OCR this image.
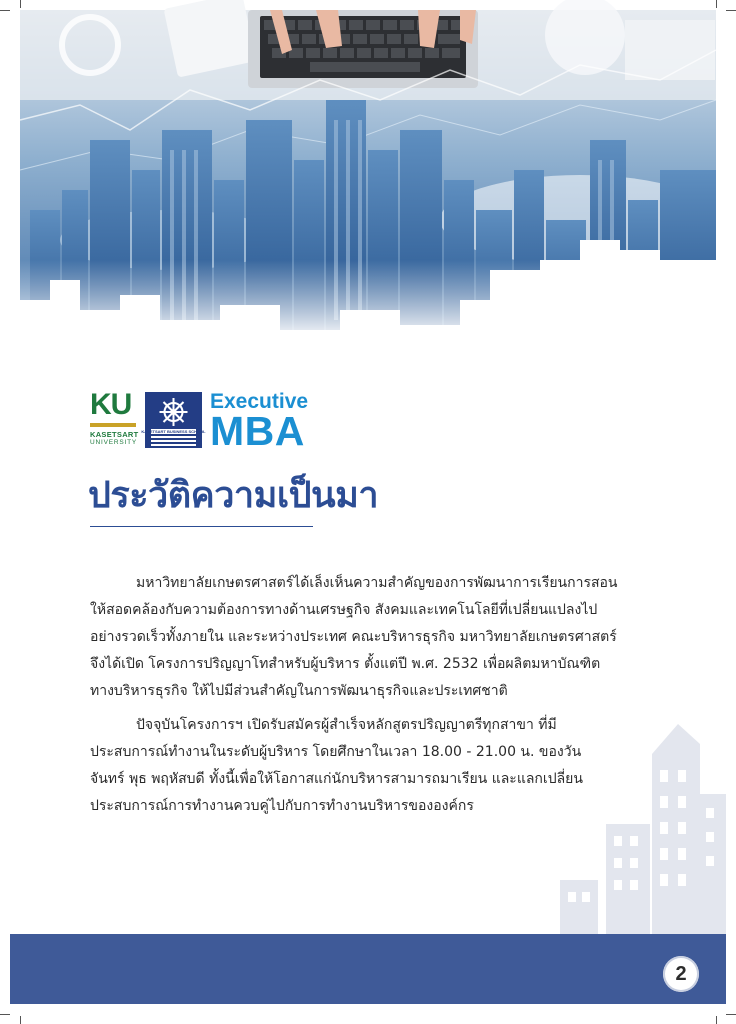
KU
KASETSART
UNIVERSITY
KASETSART BUSINESS SCHOOL
Executive
MBA
ประวัติความเป็นมา
มหาวิทยาลัยเกษตรศาสตร์ได้เล็งเห็นความสำคัญของการพัฒนาการเรียนการสอน
ให้สอดคล้องกับความต้องการทางด้านเศรษฐกิจ สังคมและเทคโนโลยีที่เปลี่ยนแปลงไป
อย่างรวดเร็วทั้งภายใน และระหว่างประเทศ คณะบริหารธุรกิจ มหาวิทยาลัยเกษตรศาสตร์
จึงได้เปิด โครงการปริญญาโทสำหรับผู้บริหาร ตั้งแต่ปี พ.ศ. 2532 เพื่อผลิตมหาบัณฑิต
ทางบริหารธุรกิจ ให้ไปมีส่วนสำคัญในการพัฒนาธุรกิจและประเทศชาติ
ปัจจุบันโครงการฯ เปิดรับสมัครผู้สำเร็จหลักสูตรปริญญาตรีทุกสาขา ที่มี
ประสบการณ์ทำงานในระดับผู้บริหาร โดยศึกษาในเวลา 18.00 - 21.00 น. ของวัน
จันทร์ พุธ พฤหัสบดี ทั้งนี้เพื่อให้โอกาสแก่นักบริหารสามารถมาเรียน และแลกเปลี่ยน
ประสบการณ์การทำงานควบคู่ไปกับการทำงานบริหารขององค์กร
2
